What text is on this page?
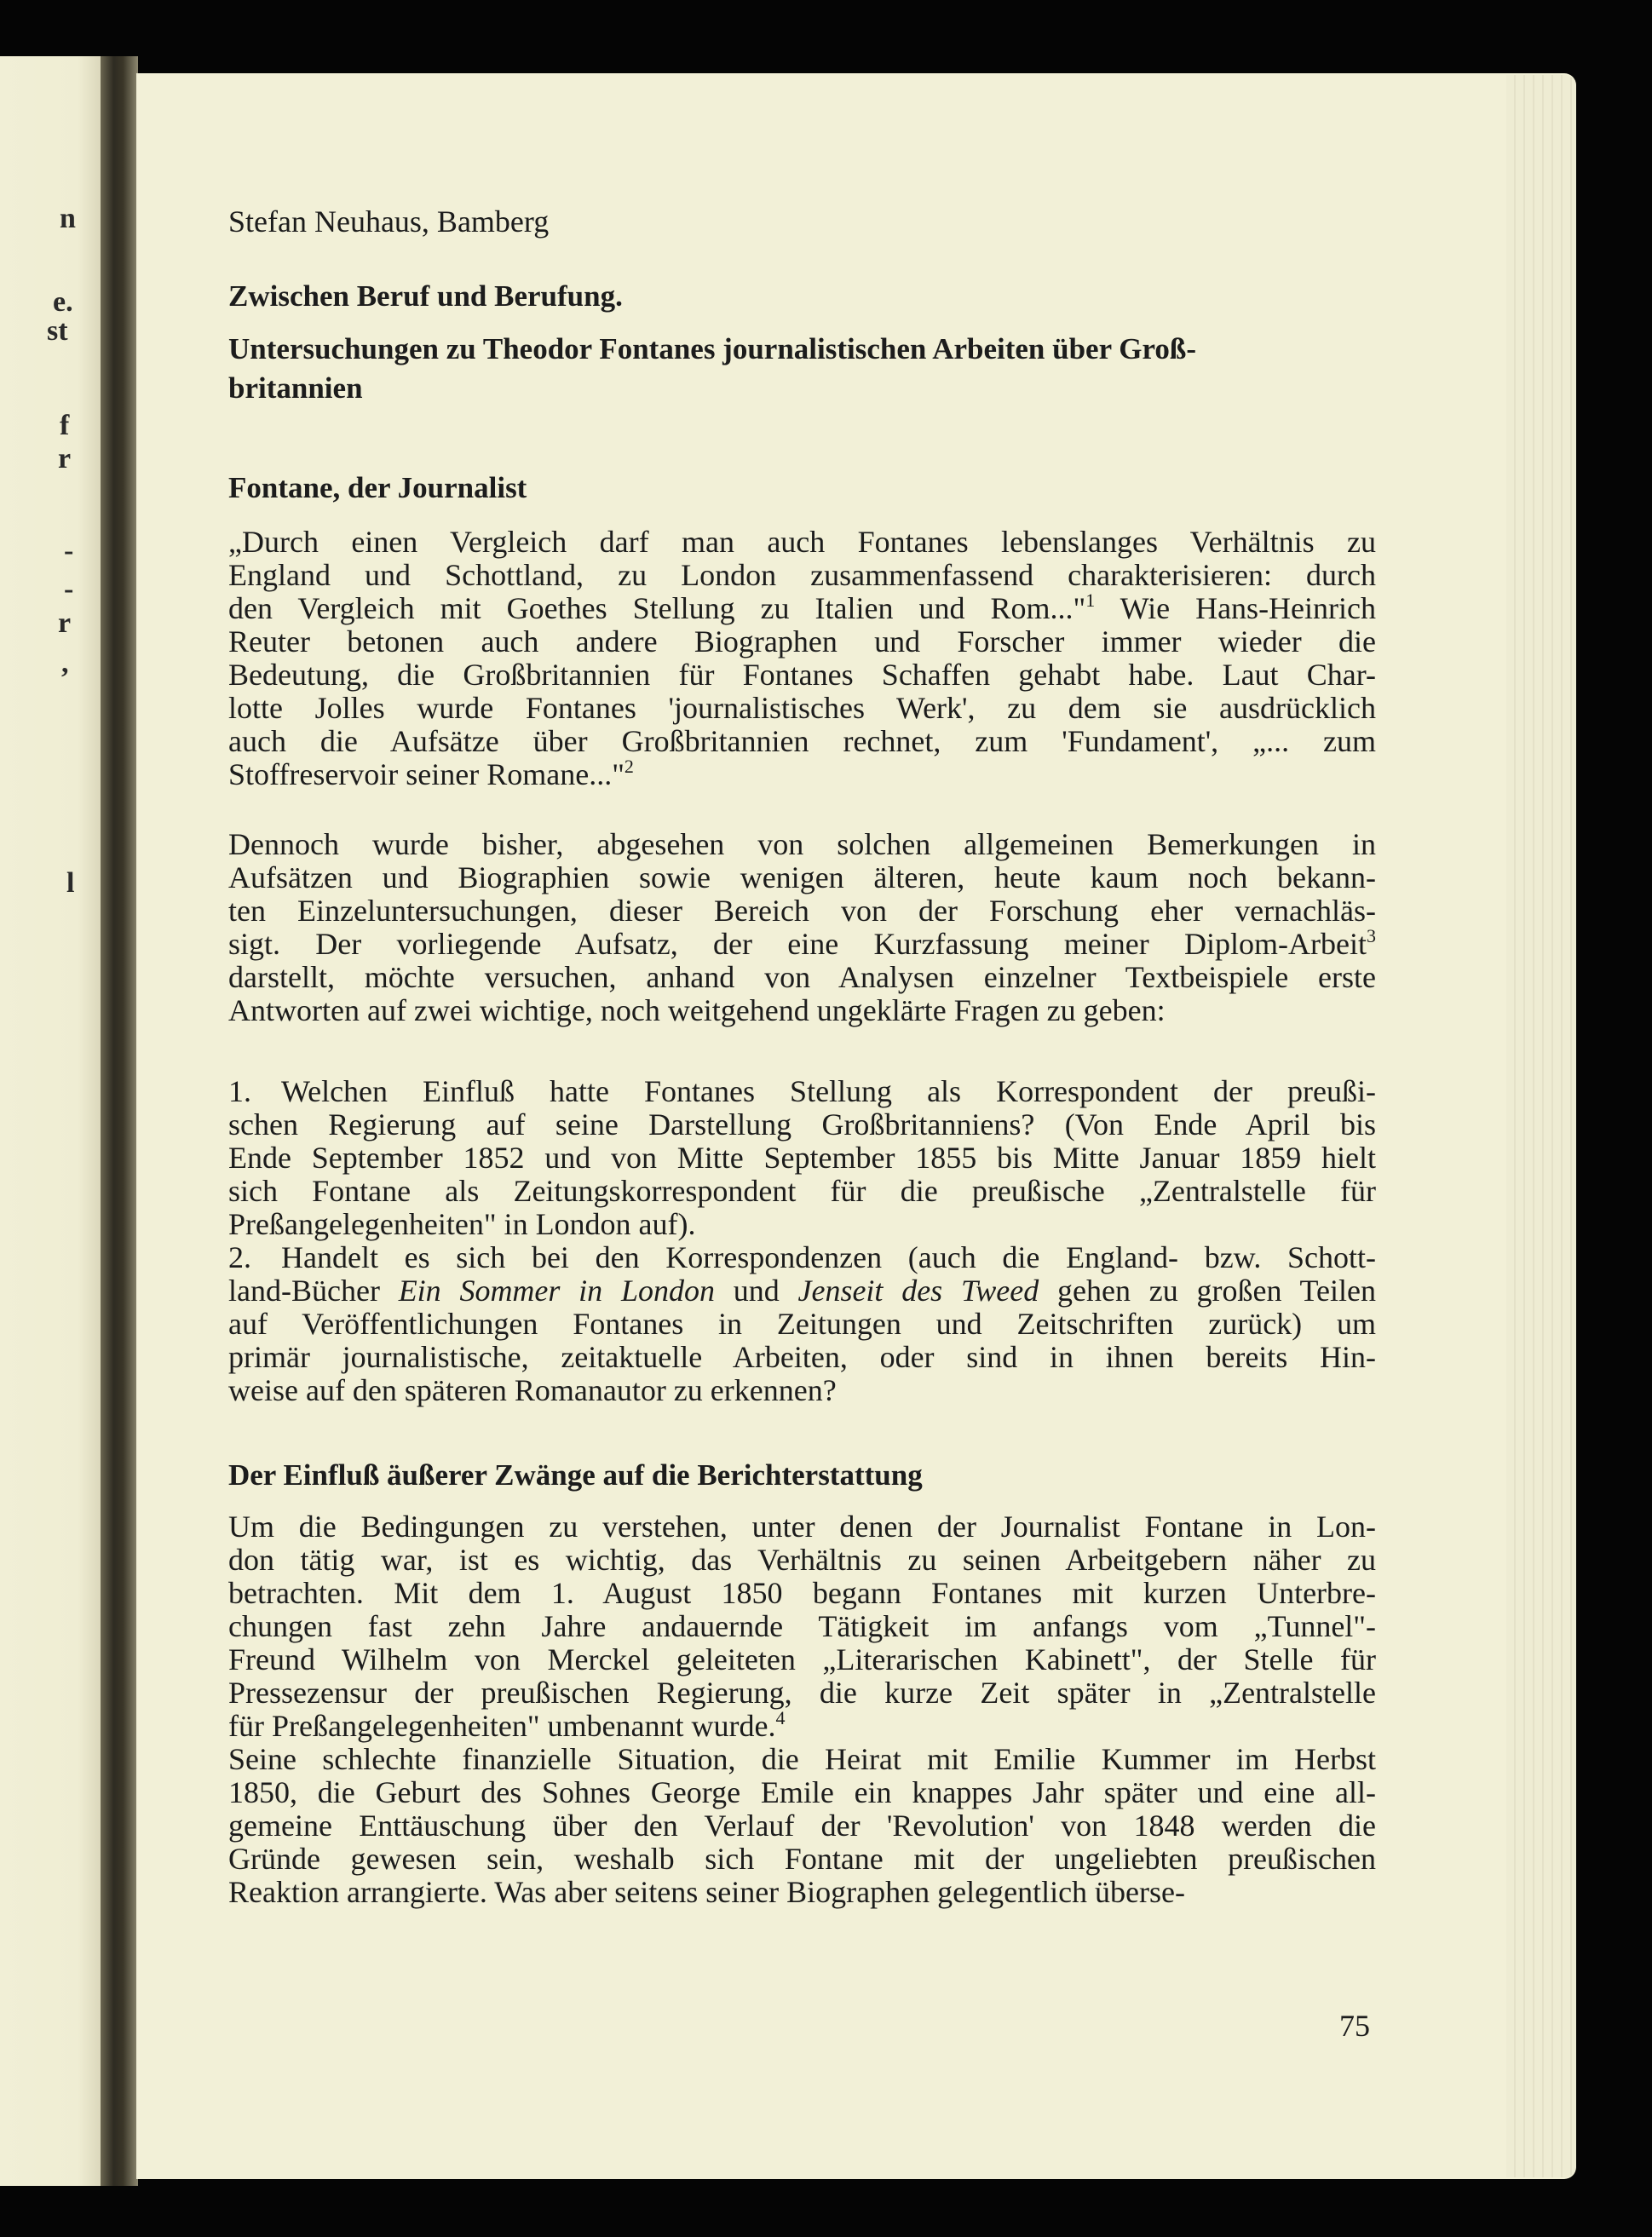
n
e.
st
f
r
-
-
r
,
l
Stefan Neuhaus, Bamberg
Zwischen Beruf und Berufung.
Untersuchungen zu Theodor Fontanes journalistischen Arbeiten über Groß-
britannien
Fontane, der Journalist
Der Einfluß äußerer Zwänge auf die Berichterstattung
„Durch einen Vergleich darf man auch Fontanes lebenslanges Verhältnis zu
England und Schottland, zu London zusammenfassend charakterisieren: durch
den Vergleich mit Goethes Stellung zu Italien und Rom..."$^1$ Wie Hans-Heinrich
Reuter betonen auch andere Biographen und Forscher immer wieder die
Bedeutung, die Großbritannien für Fontanes Schaffen gehabt habe. Laut Char-
lotte Jolles wurde Fontanes 'journalistisches Werk', zu dem sie ausdrücklich
auch die Aufsätze über Großbritannien rechnet, zum 'Fundament', „... zum
Stoffreservoir seiner Romane..."$^2$
Dennoch wurde bisher, abgesehen von solchen allgemeinen Bemerkungen in
Aufsätzen und Biographien sowie wenigen älteren, heute kaum noch bekann-
ten Einzeluntersuchungen, dieser Bereich von der Forschung eher vernachläs-
sigt. Der vorliegende Aufsatz, der eine Kurzfassung meiner Diplom-Arbeit$^3$
darstellt, möchte versuchen, anhand von Analysen einzelner Textbeispiele erste
Antworten auf zwei wichtige, noch weitgehend ungeklärte Fragen zu geben:
1. Welchen Einfluß hatte Fontanes Stellung als Korrespondent der preußi-
schen Regierung auf seine Darstellung Großbritanniens? (Von Ende April bis
Ende September 1852 und von Mitte September 1855 bis Mitte Januar 1859 hielt
sich Fontane als Zeitungskorrespondent für die preußische „Zentralstelle für
Preßangelegenheiten" in London auf).
2. Handelt es sich bei den Korrespondenzen (auch die England- bzw. Schott-
land-Bücher Ein Sommer in London und Jenseit des Tweed gehen zu großen Teilen
auf Veröffentlichungen Fontanes in Zeitungen und Zeitschriften zurück) um
primär journalistische, zeitaktuelle Arbeiten, oder sind in ihnen bereits Hin-
weise auf den späteren Romanautor zu erkennen?
Um die Bedingungen zu verstehen, unter denen der Journalist Fontane in Lon-
don tätig war, ist es wichtig, das Verhältnis zu seinen Arbeitgebern näher zu
betrachten. Mit dem 1. August 1850 begann Fontanes mit kurzen Unterbre-
chungen fast zehn Jahre andauernde Tätigkeit im anfangs vom „Tunnel"-
Freund Wilhelm von Merckel geleiteten „Literarischen Kabinett", der Stelle für
Pressezensur der preußischen Regierung, die kurze Zeit später in „Zentralstelle
für Preßangelegenheiten" umbenannt wurde.$^4$
Seine schlechte finanzielle Situation, die Heirat mit Emilie Kummer im Herbst
1850, die Geburt des Sohnes George Emile ein knappes Jahr später und eine all-
gemeine Enttäuschung über den Verlauf der 'Revolution' von 1848 werden die
Gründe gewesen sein, weshalb sich Fontane mit der ungeliebten preußischen
Reaktion arrangierte. Was aber seitens seiner Biographen gelegentlich überse-
75
